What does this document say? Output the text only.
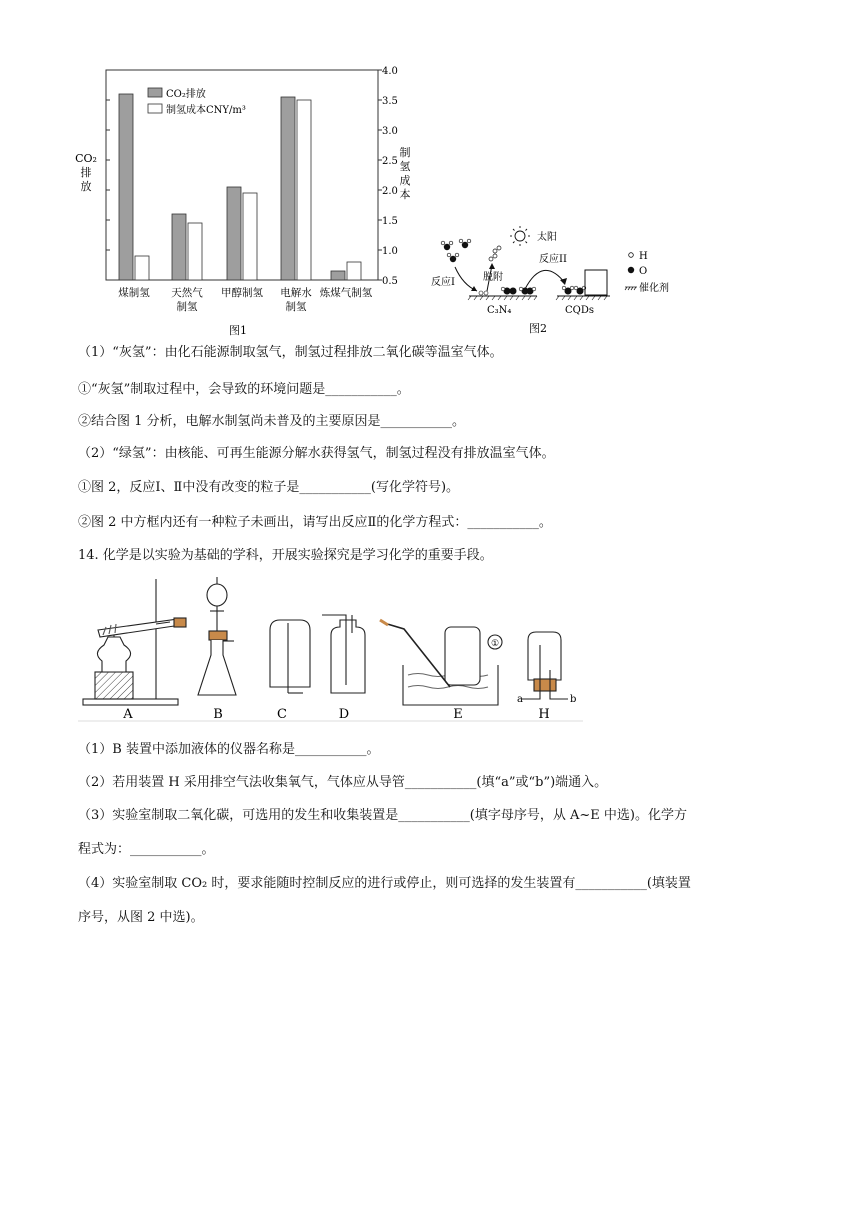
4.0
3.5
3.0
2.5
2.0
1.5
1.0
0.5
CO₂
排
放
制
氢
成
本
CO₂排放
制氢成本CNY/m³
煤制氢 天然气
制氢
甲醇制氢 电解水
制氢
炼煤气制氢
图1
反应I	脱附
太阳
反应II
C₃N₄	CQDs
H
O
催化剂
图2
（1）“灰氢”：由化石能源制取氢气，制氢过程排放二氧化碳等温室气体。
①“灰氢”制取过程中，会导致的环境问题是___________。
②结合图 1 分析，电解水制氢尚未普及的主要原因是___________。
（2）“绿氢”：由核能、可再生能源分解水获得氢气，制氢过程没有排放温室气体。
①图 2，反应Ⅰ、Ⅱ中没有改变的粒子是___________(写化学符号)。
②图 2 中方框内还有一种粒子未画出，请写出反应Ⅱ的化学方程式：___________。
14. 化学是以实验为基础的学科，开展实验探究是学习化学的重要手段。
A	B	C	D
①
E
a	b
H
（1）B 装置中添加液体的仪器名称是___________。
（2）若用装置 H 采用排空气法收集氧气，气体应从导管___________(填“a”或“b”)端通入。
（3）实验室制取二氧化碳，可选用的发生和收集装置是___________(填字母序号，从 A~E 中选)。化学方
程式为：___________。
（4）实验室制取 CO₂ 时，要求能随时控制反应的进行或停止，则可选择的发生装置有___________(填装置
序号，从图 2 中选)。
